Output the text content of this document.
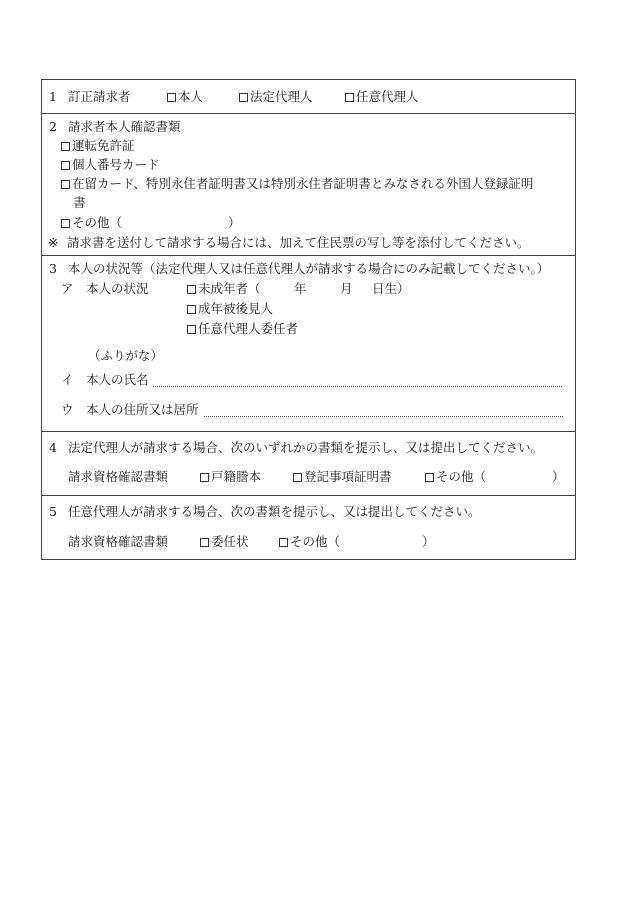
1 訂正請求者	本人	法定代理人	任意代理人
2 請求者本人確認書類
運転免許証
個人番号カード
在留カード、特別永住者証明書又は特別永住者証明書とみなされる外国人登録証明
書
その他（	）
※ 請求書を送付して請求する場合には、加えて住民票の写し等を添付してください。
3 本人の状況等（法定代理人又は任意代理人が請求する場合にのみ記載してください。）
ア　本人の状況	未成年者（	年	月 日生）
成年被後見人
任意代理人委任者
（ふりがな）
イ　本人の氏名
ウ　本人の住所又は居所
4 法定代理人が請求する場合、次のいずれかの書類を提示し、又は提出してください。
請求資格確認書類	戸籍謄本	登記事項証明書	その他（	）
5 任意代理人が請求する場合、次の書類を提示し、又は提出してください。
請求資格確認書類	委任状	その他（	）
